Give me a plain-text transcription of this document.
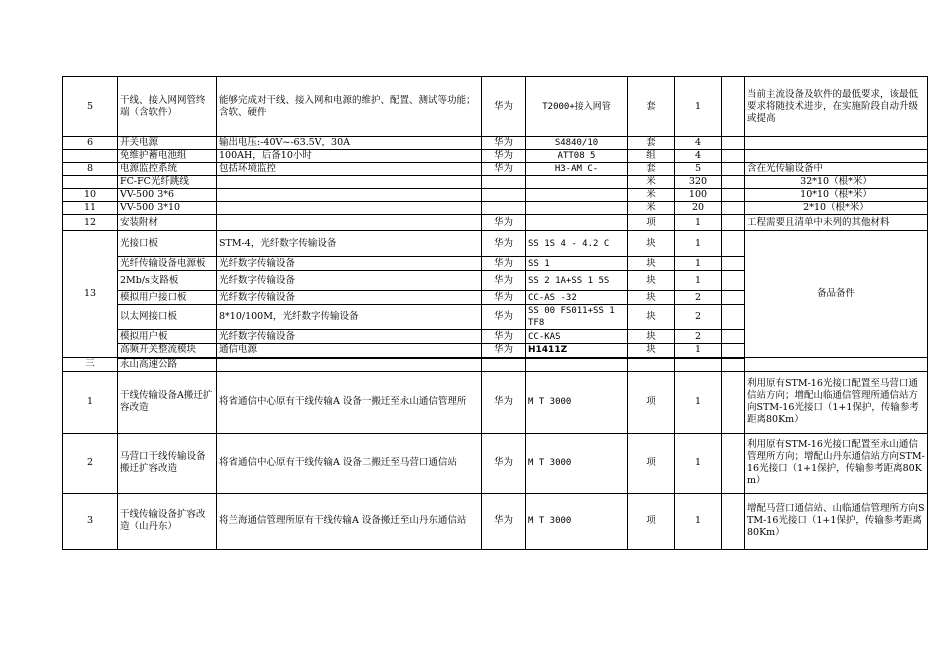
5	干线、接入网网管终端（含软件）	能够完成对干线、接入网和电源的维护、配置、测试等功能；含软、硬件	华为	T2000+接入网管	套	1		当前主流设备及软件的最低要求，该最低要求将随技术进步，在实施阶段自动升级或提高
6	开关电源	输出电压:-40V~-63.5V，30A	华为	S4840/10	套	4		
	免维护蓄电池组	100AH，后备10小时	华为	ATT08 5	组	4		
8	电源监控系统	包括环境监控	华为	H3-AM C-	套	5		含在光传输设备中
	FC-FC光纤跳线				米	320		32*10（根*米）
10	VV-500 3*6				米	100		10*10（根*米）
11	VV-500 3*10				米	20		2*10（根*米）
12	安装附材		华为		项	1		工程需要且清单中未列的其他材料
13	光接口板	STM-4，光纤数字传输设备	华为	SS 1S 4 - 4.2 C	块	1		备品备件
	光纤传输设备电源板	光纤数字传输设备	华为	SS 1	块	1		
	2Mb/s支路板	光纤数字传输设备	华为	SS 2 1A+SS 1 5S	块	1		
	模拟用户接口板	光纤数字传输设备	华为	CC-AS -32	块	2		
	以太网接口板	8*10/100M，光纤数字传输设备	华为	SS 00 FS011+SS 1 TF8	块	2		
	模拟用户板	光纤数字传输设备	华为	CC-KAS	块	2		
	高频开关整流模块	通信电源	华为	H1411Z	块	1		
三	永山高速公路							
1	干线传输设备A搬迁扩容改造	将省通信中心原有干线传输A 设备一搬迁至永山通信管理所	华为	M T 3000	项	1		利用原有STM-16光接口配置至马营口通信站方向；增配山临通信管理所通信站方向STM-16光接口（1+1保护，传输参考距离80Km）
2	马营口干线传输设备 搬迁扩容改造	将省通信中心原有干线传输A 设备二搬迁至马营口通信站	华为	M T 3000	项	1		利用原有STM-16光接口配置至永山通信管理所方向；增配山丹东通信站方向STM-16光接口（1+1保护，传输参考距离80Km）
3	干线传输设备扩容改造（山丹东）	将兰海通信管理所原有干线传输A 设备搬迁至山丹东通信站	华为	M T 3000	项	1		增配马营口通信站、山临通信管理所方向STM-16光接口（1+1保护，传输参考距离80Km）
